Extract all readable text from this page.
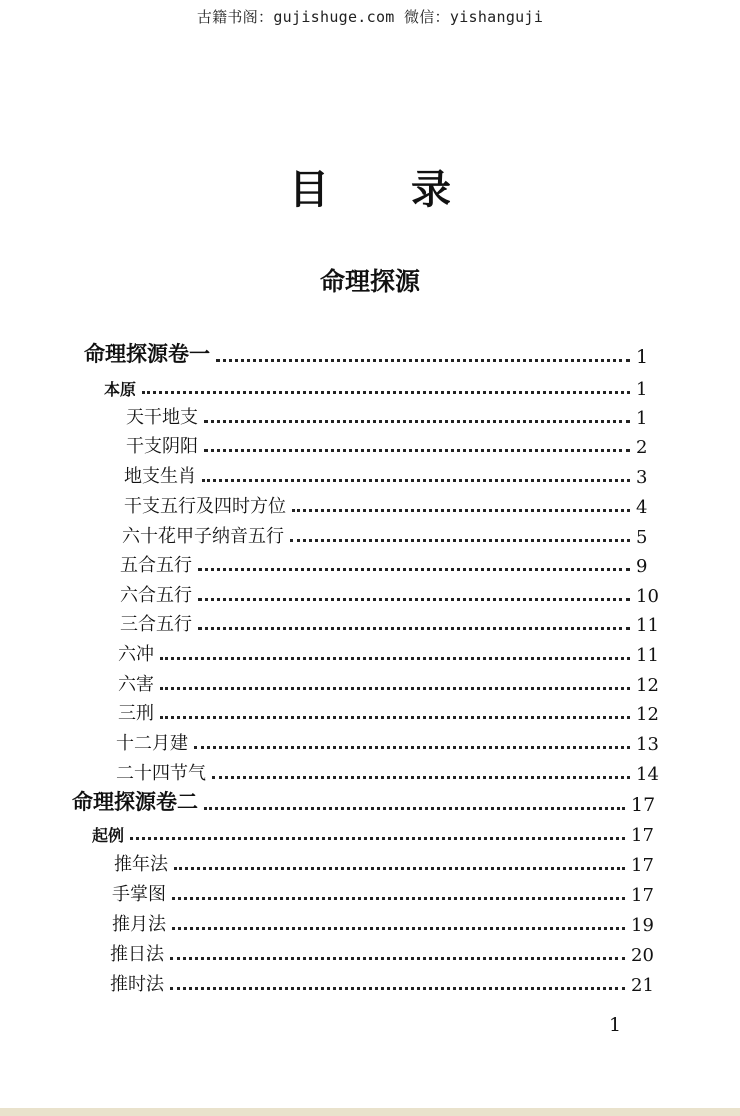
古籍书阁：gujishuge.com 微信：yishanguji
目录
命理探源
命理探源卷一	1
本原	1
天干地支	1
干支阴阳	2
地支生肖	3
干支五行及四时方位	4
六十花甲子纳音五行	5
五合五行	9
六合五行	10
三合五行	11
六冲	11
六害	12
三刑	12
十二月建	13
二十四节气	14
命理探源卷二	17
起例	17
推年法	17
手掌图	17
推月法	19
推日法	20
推时法	21
1
